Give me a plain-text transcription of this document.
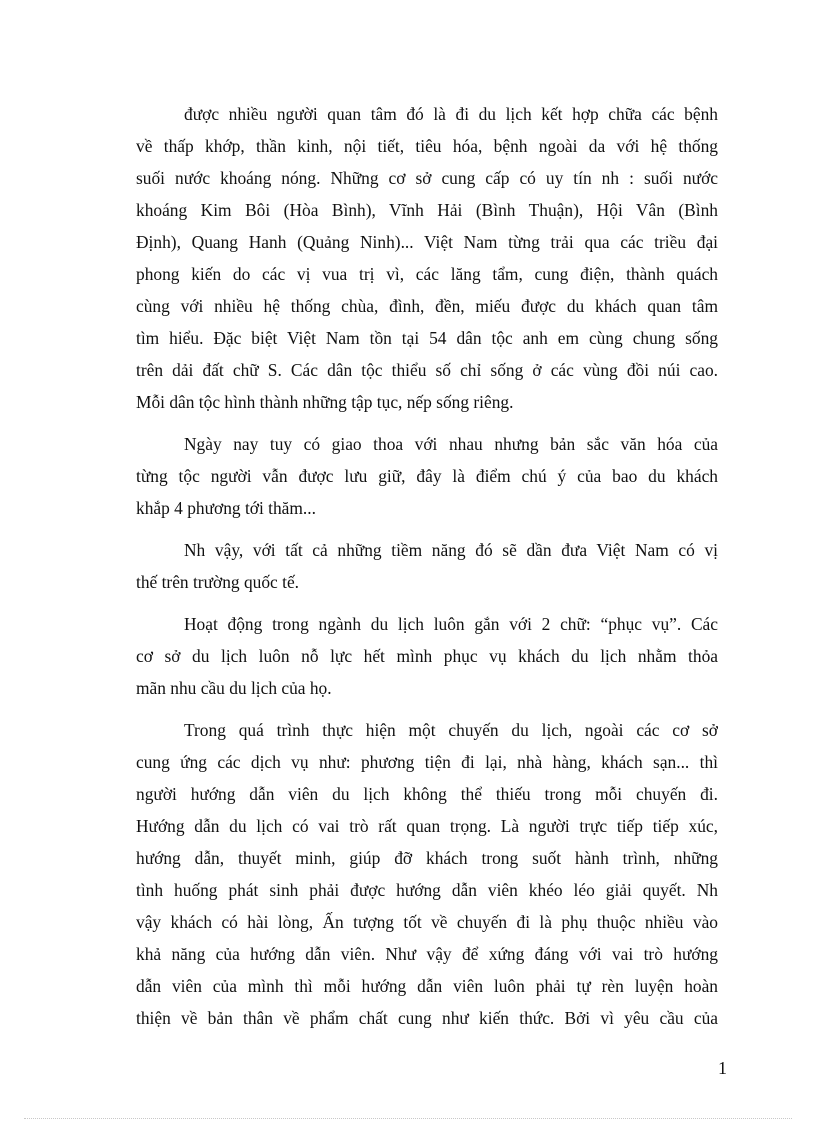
được nhiều người quan tâm đó là đi du lịch kết hợp chữa các bệnh
về thấp khớp, thần kinh, nội tiết, tiêu hóa, bệnh ngoài da với hệ thống
suối nước khoáng nóng. Những cơ sở cung cấp có uy tín nh : suối nước
khoáng Kim Bôi (Hòa Bình), Vĩnh Hải (Bình Thuận), Hội Vân (Bình
Định), Quang Hanh (Quảng Ninh)... Việt Nam từng trải qua các triều đại
phong kiến do các vị vua trị vì, các lăng tẩm, cung điện, thành quách
cùng với nhiều hệ thống chùa, đình, đền, miếu được du khách quan tâm
tìm hiểu. Đặc biệt Việt Nam tồn tại 54 dân tộc anh em cùng chung sống
trên dải đất chữ S. Các dân tộc thiểu số chỉ sống ở các vùng đồi núi cao.
Mỗi dân tộc hình thành những tập tục, nếp sống riêng.
Ngày nay tuy có giao thoa với nhau nhưng bản sắc văn hóa của
từng tộc người vẫn được lưu giữ, đây là điểm chú ý của bao du khách
khắp 4 phương tới thăm...
Nh vậy, với tất cả những tiềm năng đó sẽ dần đưa Việt Nam có vị
thế trên trường quốc tế.
Hoạt động trong ngành du lịch luôn gắn với 2 chữ: “phục vụ”. Các
cơ sở du lịch luôn nỗ lực hết mình phục vụ khách du lịch nhằm thỏa
mãn nhu cầu du lịch của họ.
Trong quá trình thực hiện một chuyến du lịch, ngoài các cơ sở
cung ứng các dịch vụ như: phương tiện đi lại, nhà hàng, khách sạn... thì
người hướng dẫn viên du lịch không thể thiếu trong mỗi chuyến đi.
Hướng dẫn du lịch có vai trò rất quan trọng. Là người trực tiếp tiếp xúc,
hướng dẫn, thuyết minh, giúp đỡ khách trong suốt hành trình, những
tình huống phát sinh phải được hướng dẫn viên khéo léo giải quyết. Nh
vậy khách có hài lòng, Ấn tượng tốt về chuyến đi là phụ thuộc nhiều vào
khả năng của hướng dẫn viên. Như vậy để xứng đáng với vai trò hướng
dẫn viên của mình thì mỗi hướng dẫn viên luôn phải tự rèn luyện hoàn
thiện về bản thân về phẩm chất cung như kiến thức. Bởi vì yêu cầu của
1
